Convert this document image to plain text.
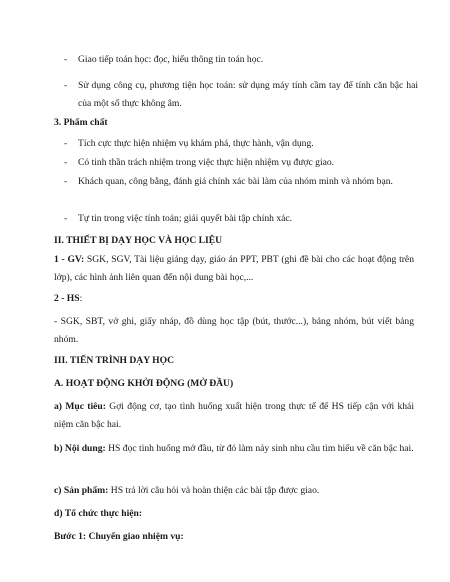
- Giao tiếp toán học: đọc, hiểu thông tin toán học.
- Sử dụng công cụ, phương tiện học toán: sử dụng máy tính cầm tay để tính căn bậc hai của một số thực không âm.
3. Phẩm chất
- Tích cực thực hiện nhiệm vụ khám phá, thực hành, vận dụng.
- Có tinh thần trách nhiệm trong việc thực hiện nhiệm vụ được giao.
- Khách quan, công bằng, đánh giá chính xác bài làm của nhóm mình và nhóm bạn.
- Tự tin trong việc tính toán; giải quyết bài tập chính xác.
II. THIẾT BỊ DẠY HỌC VÀ HỌC LIỆU
1 - GV: SGK, SGV, Tài liệu giảng dạy, giáo án PPT, PBT (ghi đề bài cho các hoạt động trên lớp), các hình ảnh liên quan đến nội dung bài học,...
2 - HS:
- SGK, SBT, vở ghi, giấy nháp, đồ dùng học tập (bút, thước...), bảng nhóm, bút viết bảng nhóm.
III. TIẾN TRÌNH DẠY HỌC
A. HOẠT ĐỘNG KHỞI ĐỘNG (MỞ ĐẦU)
a) Mục tiêu: Gợi động cơ, tạo tình huống xuất hiện trong thực tế để HS tiếp cận với khái niệm căn bậc hai.
b) Nội dung: HS đọc tình huống mở đầu, từ đó làm nảy sinh nhu cầu tìm hiểu về căn bậc hai.
c) Sản phẩm: HS trả lời câu hỏi và hoàn thiện các bài tập được giao.
d) Tổ chức thực hiện:
Bước 1: Chuyển giao nhiệm vụ:
